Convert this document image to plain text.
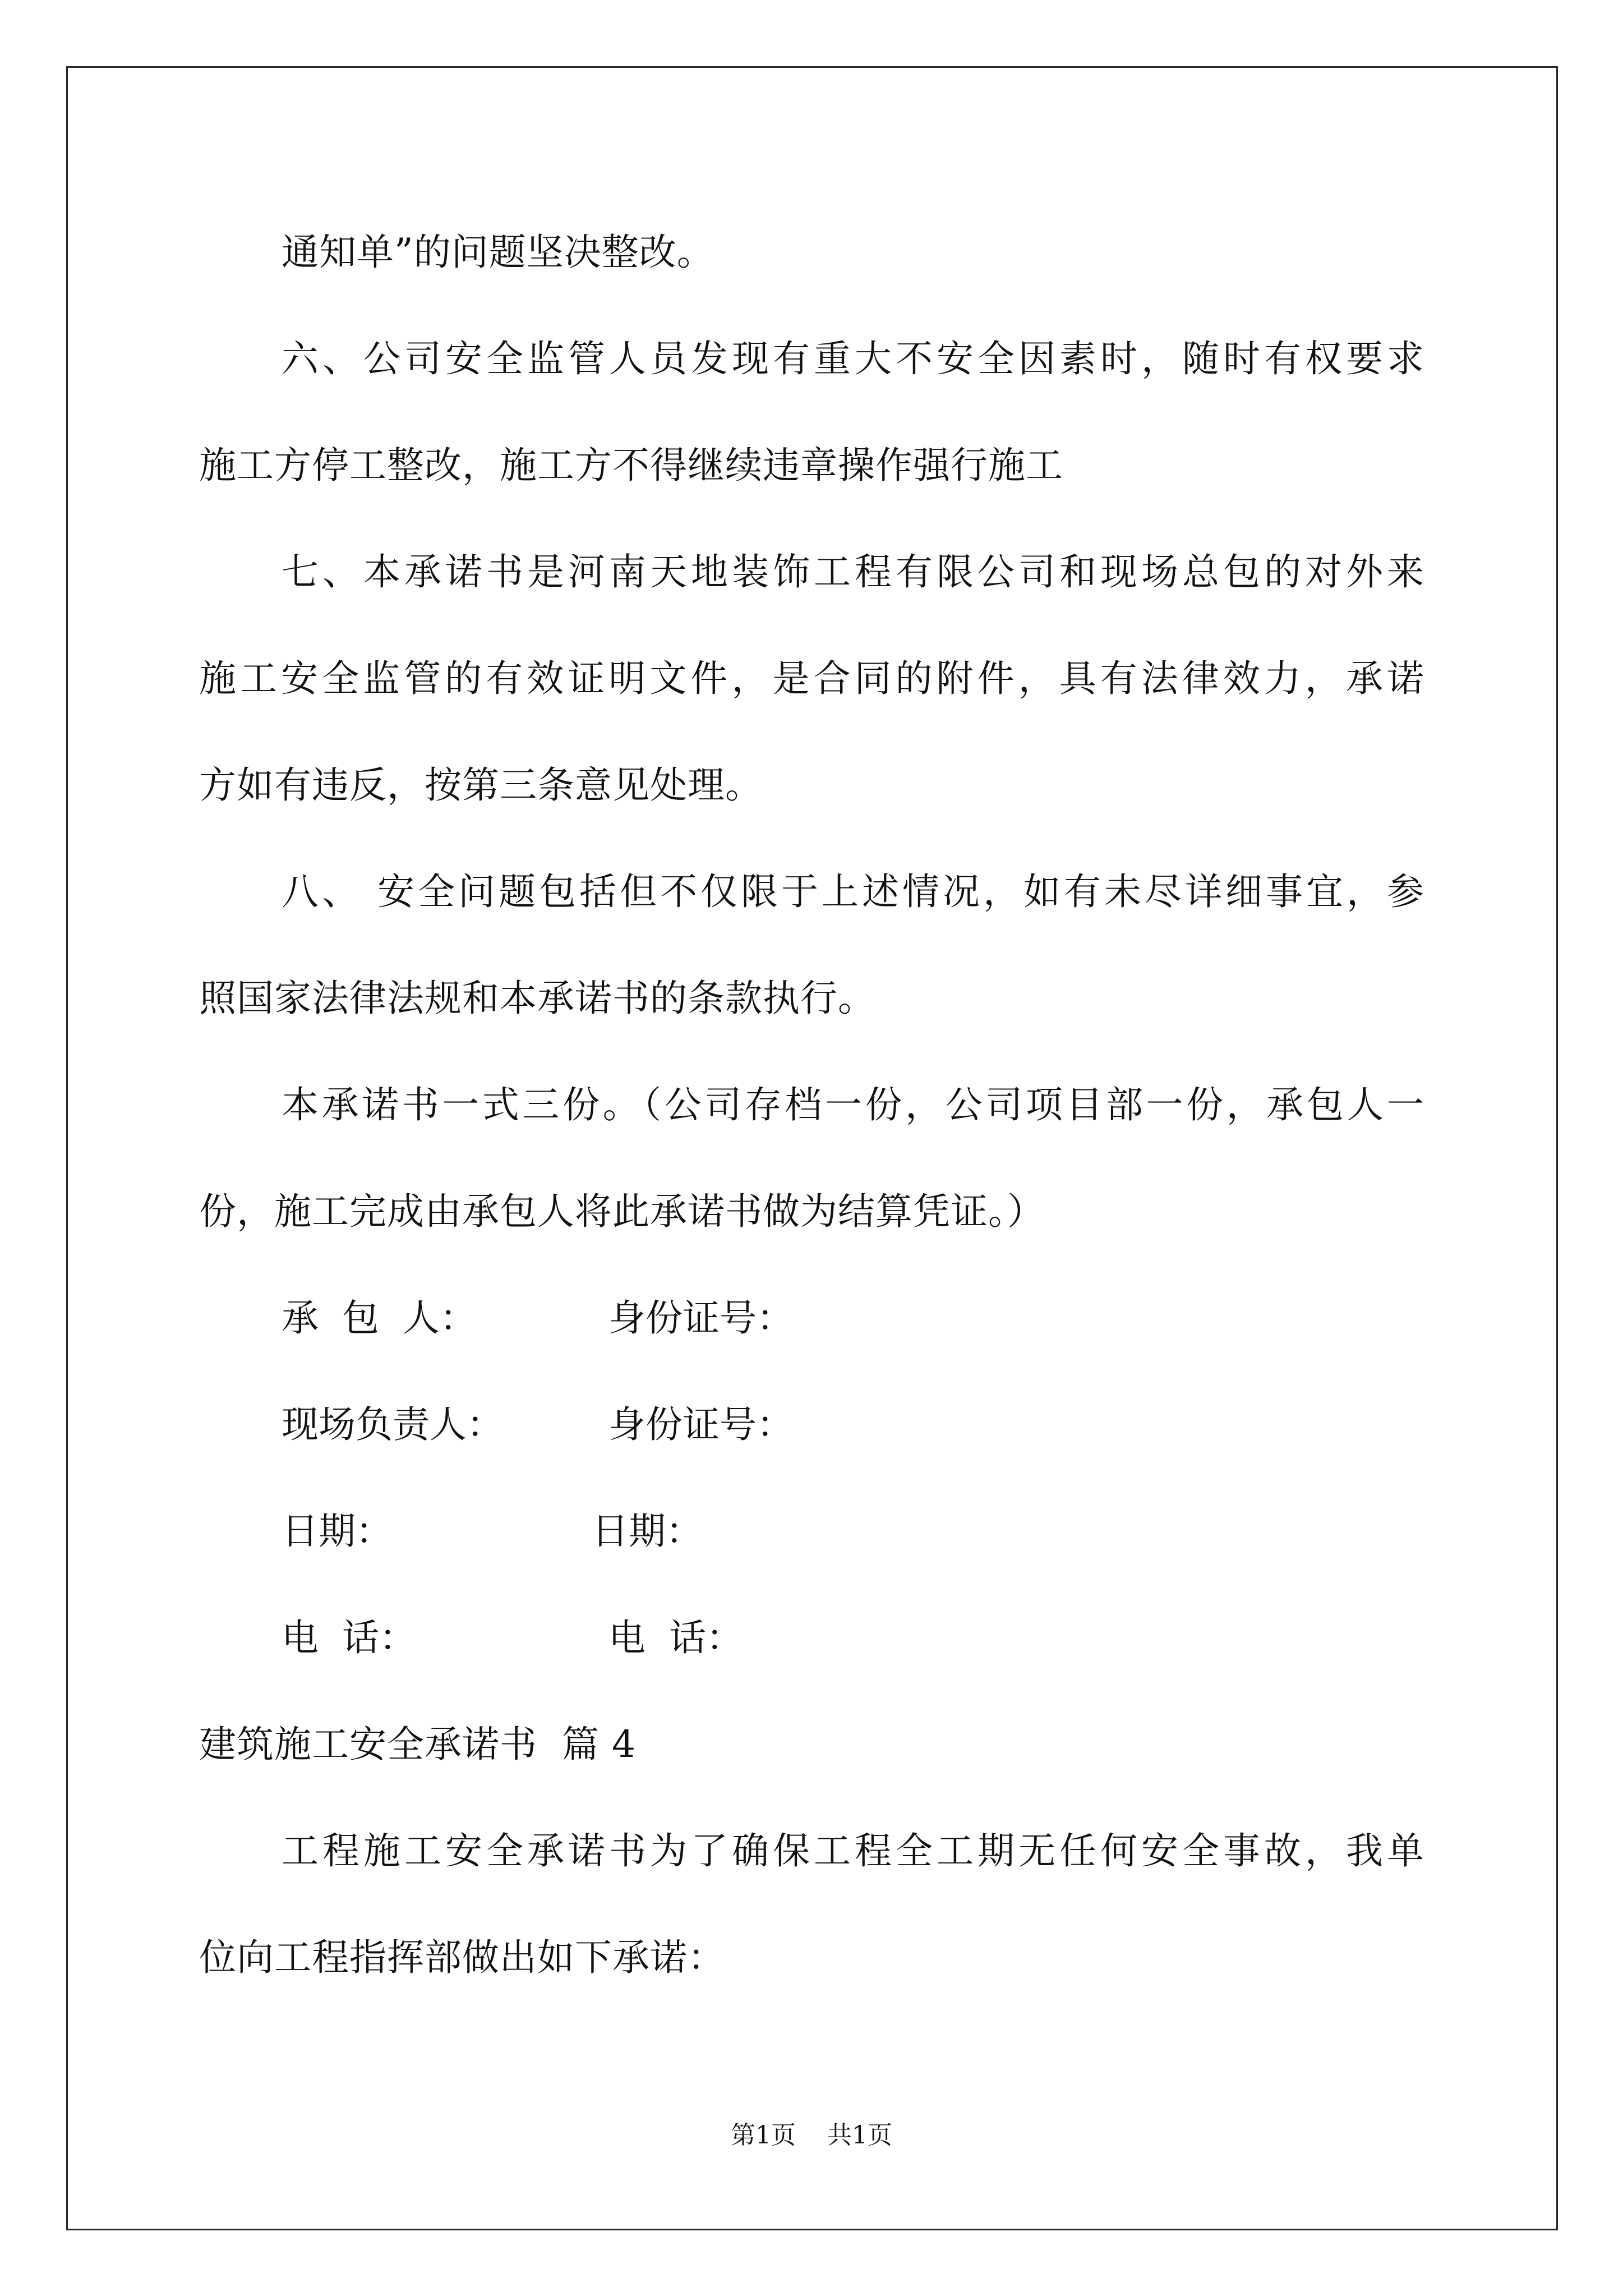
通知单”的问题坚决整改。
六、公司安全监管人员发现有重大不安全因素时，随时有权要求
施工方停工整改，施工方不得继续违章操作强行施工
七、本承诺书是河南天地装饰工程有限公司和现场总包的对外来
施工安全监管的有效证明文件，是合同的附件，具有法律效力，承诺
方如有违反，按第三条意见处理。
八、 安全问题包括但不仅限于上述情况，如有未尽详细事宜，参
照国家法律法规和本承诺书的条款执行。
本承诺书一式三份。（公司存档一份，公司项目部一份，承包人一
份，施工完成由承包人将此承诺书做为结算凭证。）
承  包  人：	身份证号：
现场负责人：	身份证号：
日期：	日期：
电  话：	电  话：
建筑施工安全承诺书  篇 4
工程施工安全承诺书为了确保工程全工期无任何安全事故，我单
位向工程指挥部做出如下承诺：
第1页    共1页
